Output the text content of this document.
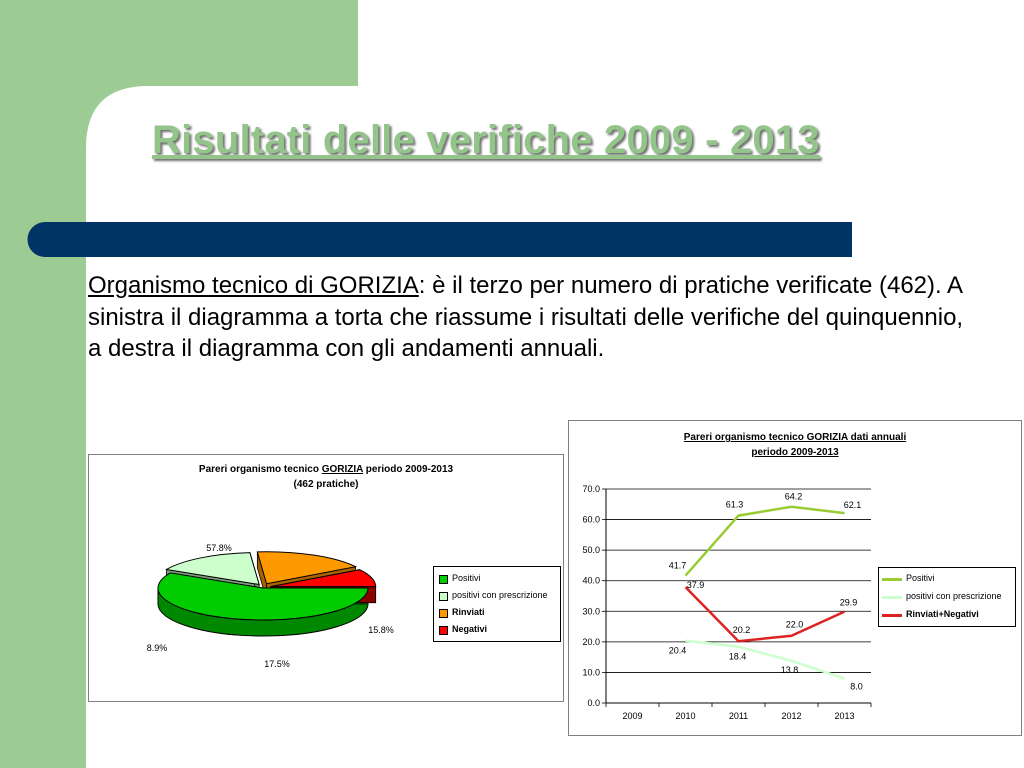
Risultati delle verifiche 2009 - 2013

Organismo tecnico di GORIZIA: è il terzo per numero di pratiche verificate (462). A sinistra il diagramma a torta che riassume i risultati delle verifiche del quinquennio, a destra il diagramma con gli andamenti annuali.

Pareri organismo tecnico GORIZIA periodo 2009-2013
(462 pratiche)
57.8%
15.8%
17.5%
8.9%
Positivi
positivi con prescrizione
Rinviati
Negativi
Pareri organismo tecnico GORIZIA dati annuali
periodo 2009-2013
0.0
10.0
20.0
30.0
40.0
50.0
60.0
70.0
2009	2010	2011	2012	2013
41.7
61.3
64.2
62.1
20.4
18.4
13.8
8.0
37.9
20.2
22.0
29.9
Positivi
positivi con prescrizione
Rinviati+Negativi
